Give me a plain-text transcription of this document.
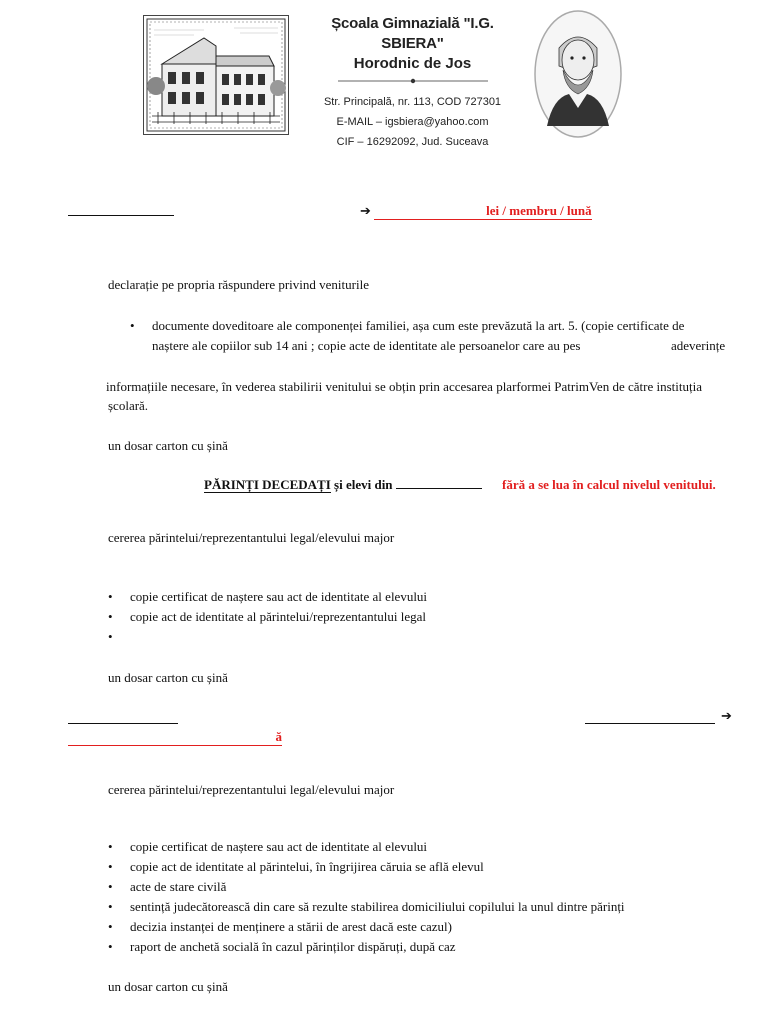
Școala Gimnazială "I.G. SBIERA"
Horodnic de Jos
Str. Principală, nr. 113, COD 727301
E-MAIL – igsbiera@yahoo.com
CIF – 16292092, Jud. Suceava
➔	lei / membru / lună
declarație pe propria răspundere privind veniturile
• documente doveditoare ale componenței familiei, așa cum este prevăzută la art. 5. (copie certificate de
naștere ale copiilor sub 14 ani ; copie acte de identitate ale persoanelor care au pes	adeverințe
informațiile necesare, în vederea stabilirii venitului se obțin prin accesarea plarformei PatrimVen de către instituția
școlară.
un dosar carton cu șină
PĂRINȚI DECEDAȚI și elevi din	fără a se lua în calcul nivelul venitului.
cererea părintelui/reprezentantului legal/elevului major
• copie certificat de naștere sau act de identitate al elevului
• copie act de identitate al părintelui/reprezentantului legal
•
un dosar carton cu șină
➔
ă
cererea părintelui/reprezentantului legal/elevului major
• copie certificat de naștere sau act de identitate al elevului
• copie act de identitate al părintelui, în îngrijirea căruia se află elevul
• acte de stare civilă
• sentință judecătorească din care să rezulte stabilirea domiciliului copilului la unul dintre părinți
• decizia instanței de menținere a stării de arest dacă este cazul)
• raport de anchetă socială în cazul părinților dispăruți, după caz
un dosar carton cu șină
